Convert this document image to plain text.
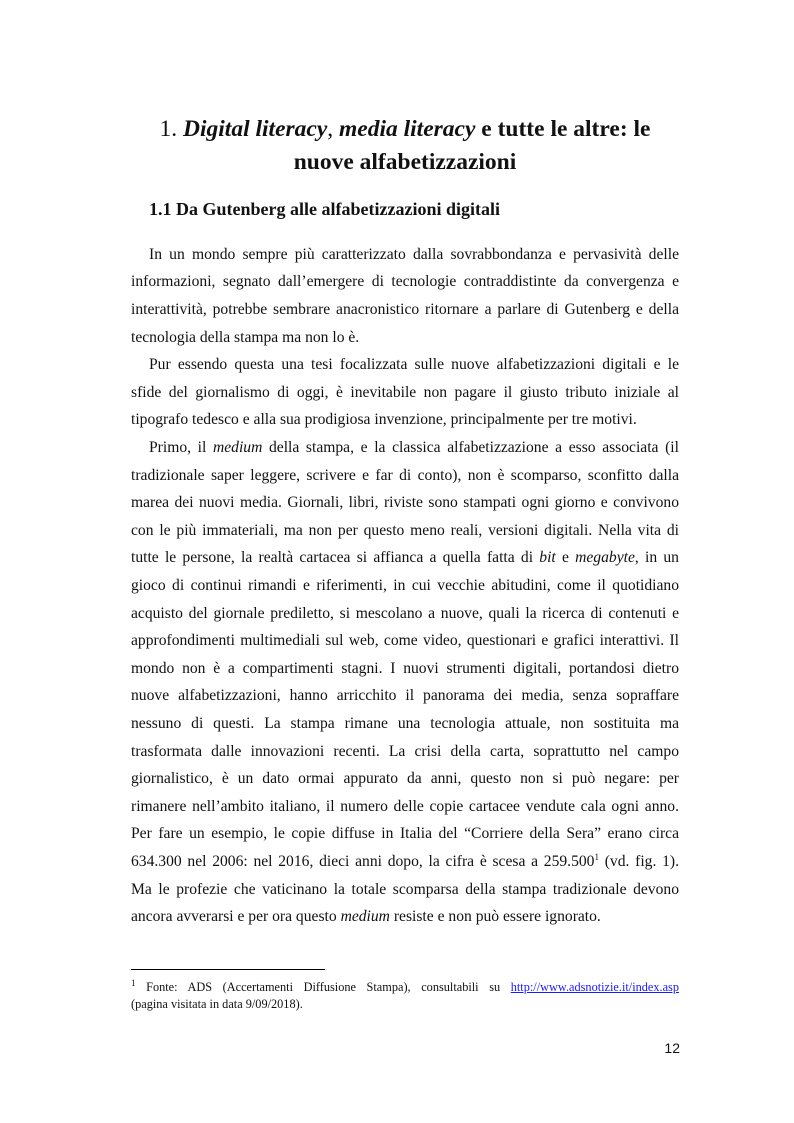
1. Digital literacy, media literacy e tutte le altre: le
nuove alfabetizzazioni
1.1 Da Gutenberg alle alfabetizzazioni digitali
In un mondo sempre più caratterizzato dalla sovrabbondanza e pervasività delle
informazioni, segnato dall’emergere di tecnologie contraddistinte da convergenza e
interattività, potrebbe sembrare anacronistico ritornare a parlare di Gutenberg e della
tecnologia della stampa ma non lo è.
Pur essendo questa una tesi focalizzata sulle nuove alfabetizzazioni digitali e le
sfide del giornalismo di oggi, è inevitabile non pagare il giusto tributo iniziale al
tipografo tedesco e alla sua prodigiosa invenzione, principalmente per tre motivi.
Primo, il medium della stampa, e la classica alfabetizzazione a esso associata (il
tradizionale saper leggere, scrivere e far di conto), non è scomparso, sconfitto dalla
marea dei nuovi media. Giornali, libri, riviste sono stampati ogni giorno e convivono
con le più immateriali, ma non per questo meno reali, versioni digitali. Nella vita di
tutte le persone, la realtà cartacea si affianca a quella fatta di bit e megabyte, in un
gioco di continui rimandi e riferimenti, in cui vecchie abitudini, come il quotidiano
acquisto del giornale prediletto, si mescolano a nuove, quali la ricerca di contenuti e
approfondimenti multimediali sul web, come video, questionari e grafici interattivi. Il
mondo non è a compartimenti stagni. I nuovi strumenti digitali, portandosi dietro
nuove alfabetizzazioni, hanno arricchito il panorama dei media, senza sopraffare
nessuno di questi. La stampa rimane una tecnologia attuale, non sostituita ma
trasformata dalle innovazioni recenti. La crisi della carta, soprattutto nel campo
giornalistico, è un dato ormai appurato da anni, questo non si può negare: per
rimanere nell’ambito italiano, il numero delle copie cartacee vendute cala ogni anno.
Per fare un esempio, le copie diffuse in Italia del “Corriere della Sera” erano circa
634.300 nel 2006: nel 2016, dieci anni dopo, la cifra è scesa a 259.500$^1$ (vd. fig. 1).
Ma le profezie che vaticinano la totale scomparsa della stampa tradizionale devono
ancora avverarsi e per ora questo medium resiste e non può essere ignorato.
$^1$ Fonte: ADS (Accertamenti Diffusione Stampa), consultabili su http://www.adsnotizie.it/index.asp
(pagina visitata in data 9/09/2018).
12
